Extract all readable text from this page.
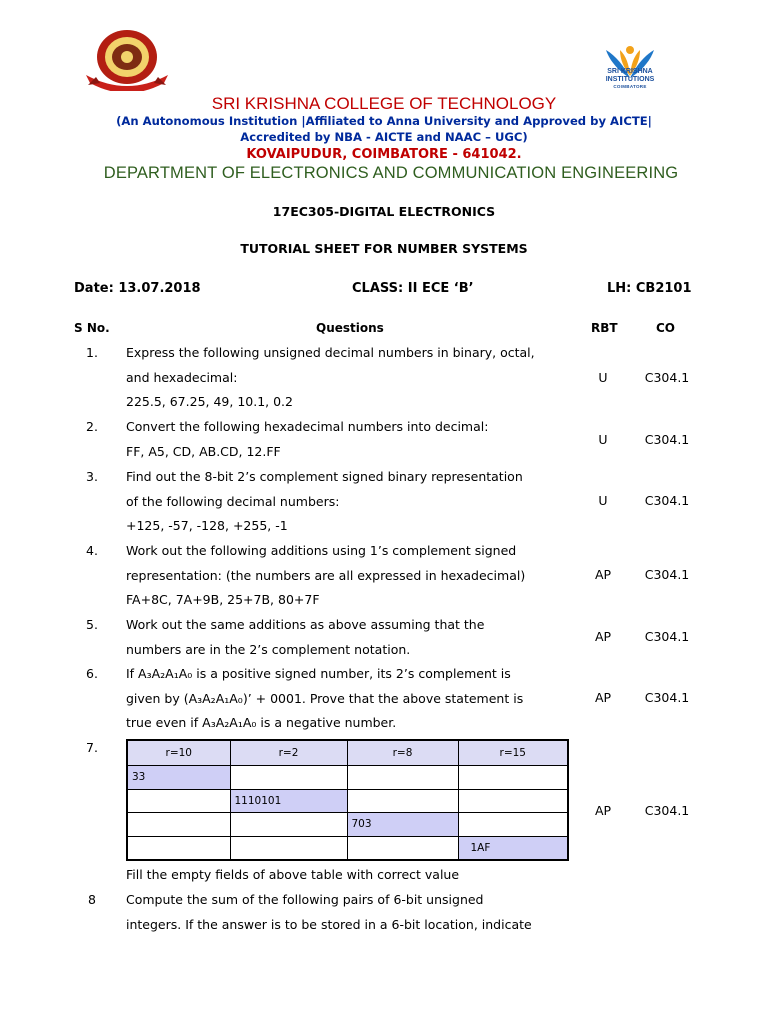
SRI KRISHNA
INSTITUTIONS
COIMBATORE
SRI KRISHNA COLLEGE OF TECHNOLOGY
(An Autonomous Institution |Affiliated to Anna University and Approved by AICTE|
Accredited by NBA - AICTE and NAAC – UGC)
KOVAIPUDUR, COIMBATORE - 641042.
DEPARTMENT OF ELECTRONICS AND COMMUNICATION ENGINEERING
17EC305-DIGITAL ELECTRONICS
TUTORIAL SHEET FOR NUMBER SYSTEMS
Date: 13.07.2018	CLASS: II ECE ‘B’	LH: CB2101
S No.	Questions	RBT	CO
1.	Express the following unsigned decimal numbers in binary, octal,
and hexadecimal:
225.5, 67.25, 49, 10.1, 0.2
U	C304.1
2.	Convert the following hexadecimal numbers into decimal:
FF, A5, CD, AB.CD, 12.FF
U	C304.1
3.	Find out the 8-bit 2’s complement signed binary representation
of the following decimal numbers:
+125, -57, -128, +255, -1
U	C304.1
4.	Work out the following additions using 1’s complement signed
representation: (the numbers are all expressed in hexadecimal)
FA+8C, 7A+9B, 25+7B, 80+7F
AP	C304.1
5.	Work out the same additions as above assuming that the
numbers are in the 2’s complement notation.
AP	C304.1
6.	If A₃A₂A₁A₀ is a positive signed number, its 2’s complement is
given by (A₃A₂A₁A₀)’ + 0001. Prove that the above statement is
true even if A₃A₂A₁A₀ is a negative number.
AP	C304.1
7.	r=10	r=2	r=8	r=15
33			
	1110101		
		703	
			1AF
Fill the empty fields of above table with correct value
AP	C304.1
8	Compute the sum of the following pairs of 6-bit unsigned
integers. If the answer is to be stored in a 6-bit location, indicate
